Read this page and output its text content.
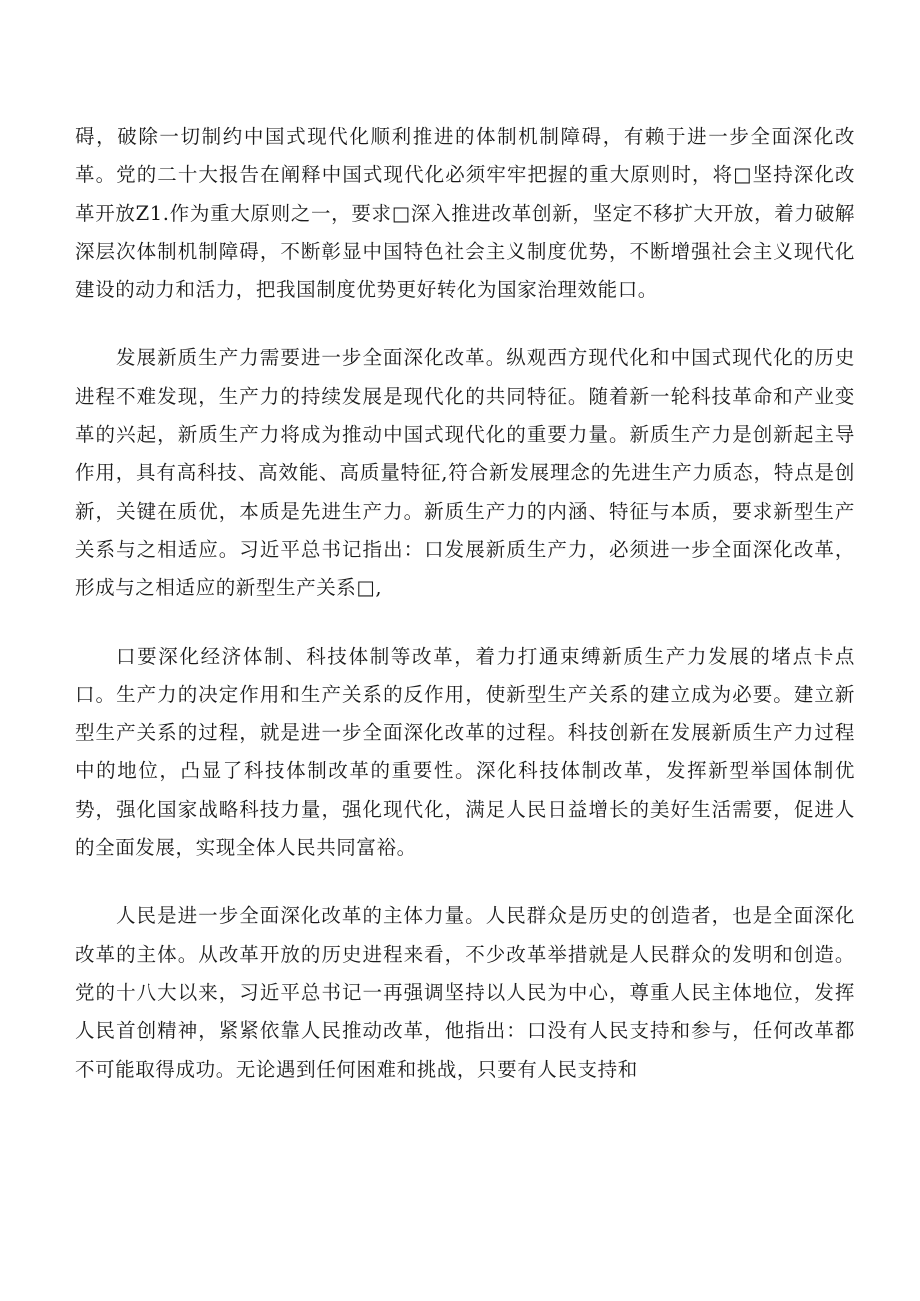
碍，破除一切制约中国式现代化顺利推进的体制机制障碍，有赖于进一步全面深化改革。党的二十大报告在阐释中国式现代化必须牢牢把握的重大原则时，将□坚持深化改革开放Z1.作为重大原则之一，要求□深入推进改革创新，坚定不移扩大开放，着力破解深层次体制机制障碍，不断彰显中国特色社会主义制度优势，不断增强社会主义现代化建设的动力和活力，把我国制度优势更好转化为国家治理效能口。

发展新质生产力需要进一步全面深化改革。纵观西方现代化和中国式现代化的历史进程不难发现，生产力的持续发展是现代化的共同特征。随着新一轮科技革命和产业变革的兴起，新质生产力将成为推动中国式现代化的重要力量。新质生产力是创新起主导作用，具有高科技、高效能、高质量特征,符合新发展理念的先进生产力质态，特点是创新，关键在质优，本质是先进生产力。新质生产力的内涵、特征与本质，要求新型生产关系与之相适应。习近平总书记指出：口发展新质生产力，必须进一步全面深化改革，形成与之相适应的新型生产关系□,

口要深化经济体制、科技体制等改革，着力打通束缚新质生产力发展的堵点卡点口。生产力的决定作用和生产关系的反作用，使新型生产关系的建立成为必要。建立新型生产关系的过程，就是进一步全面深化改革的过程。科技创新在发展新质生产力过程中的地位，凸显了科技体制改革的重要性。深化科技体制改革，发挥新型举国体制优势，强化国家战略科技力量，强化现代化，满足人民日益增长的美好生活需要，促进人的全面发展，实现全体人民共同富裕。

人民是进一步全面深化改革的主体力量。人民群众是历史的创造者，也是全面深化改革的主体。从改革开放的历史进程来看，不少改革举措就是人民群众的发明和创造。党的十八大以来，习近平总书记一再强调坚持以人民为中心，尊重人民主体地位，发挥人民首创精神，紧紧依靠人民推动改革，他指出：口没有人民支持和参与，任何改革都不可能取得成功。无论遇到任何困难和挑战，只要有人民支持和
